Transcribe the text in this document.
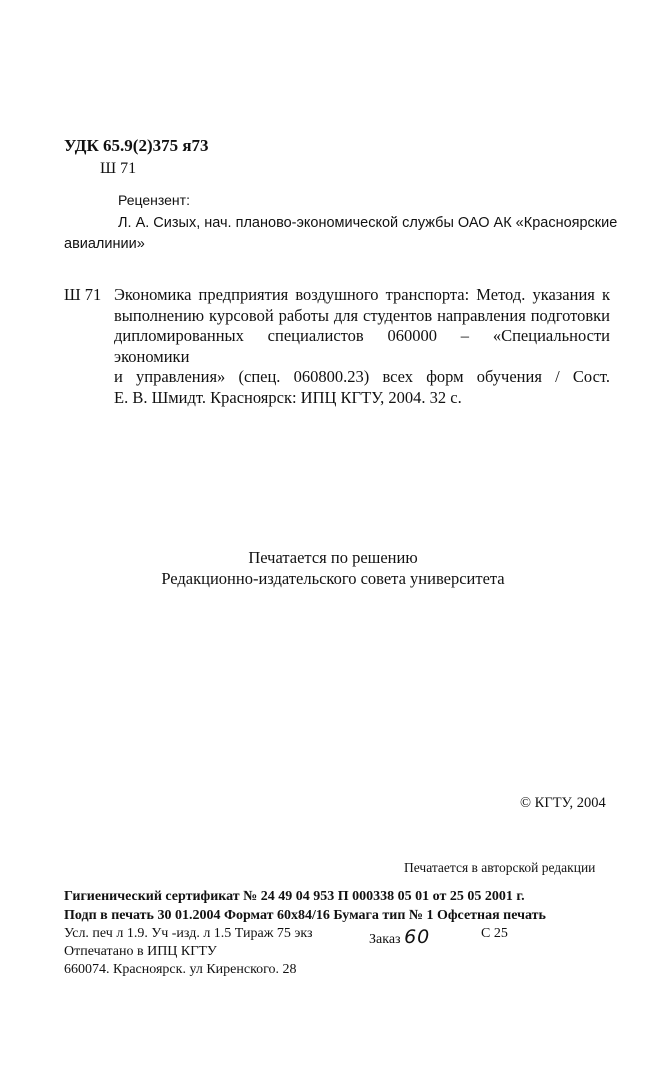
УДК 65.9(2)375 я73
Ш 71
Рецензент:
Л. А. Сизых, нач. планово-экономической службы ОАО АК «Красноярские
авиалинии»
Ш 71 Экономика предприятия воздушного транспорта: Метод. указания к
выполнению курсовой работы для студентов направления подготовки
дипломированных специалистов 060000 – «Специальности экономики
и управления» (спец. 060800.23) всех форм обучения / Сост.
Е. В. Шмидт. Красноярск: ИПЦ КГТУ, 2004. 32 с.
Печатается по решению
Редакционно-издательского совета университета
© КГТУ, 2004
Печатается в авторской редакции
Гигиенический сертификат № 24 49 04 953 П 000338 05 01 от 25 05 2001 г.
Подп в печать 30 01.2004 Формат 60х84/16 Бумага тип № 1 Офсетная печать
Усл. печ л 1.9. Уч -изд. л 1.5 Тираж 75 экз	Заказ 60	С 25
Отпечатано в ИПЦ КГТУ
660074. Красноярск. ул Киренского. 28
